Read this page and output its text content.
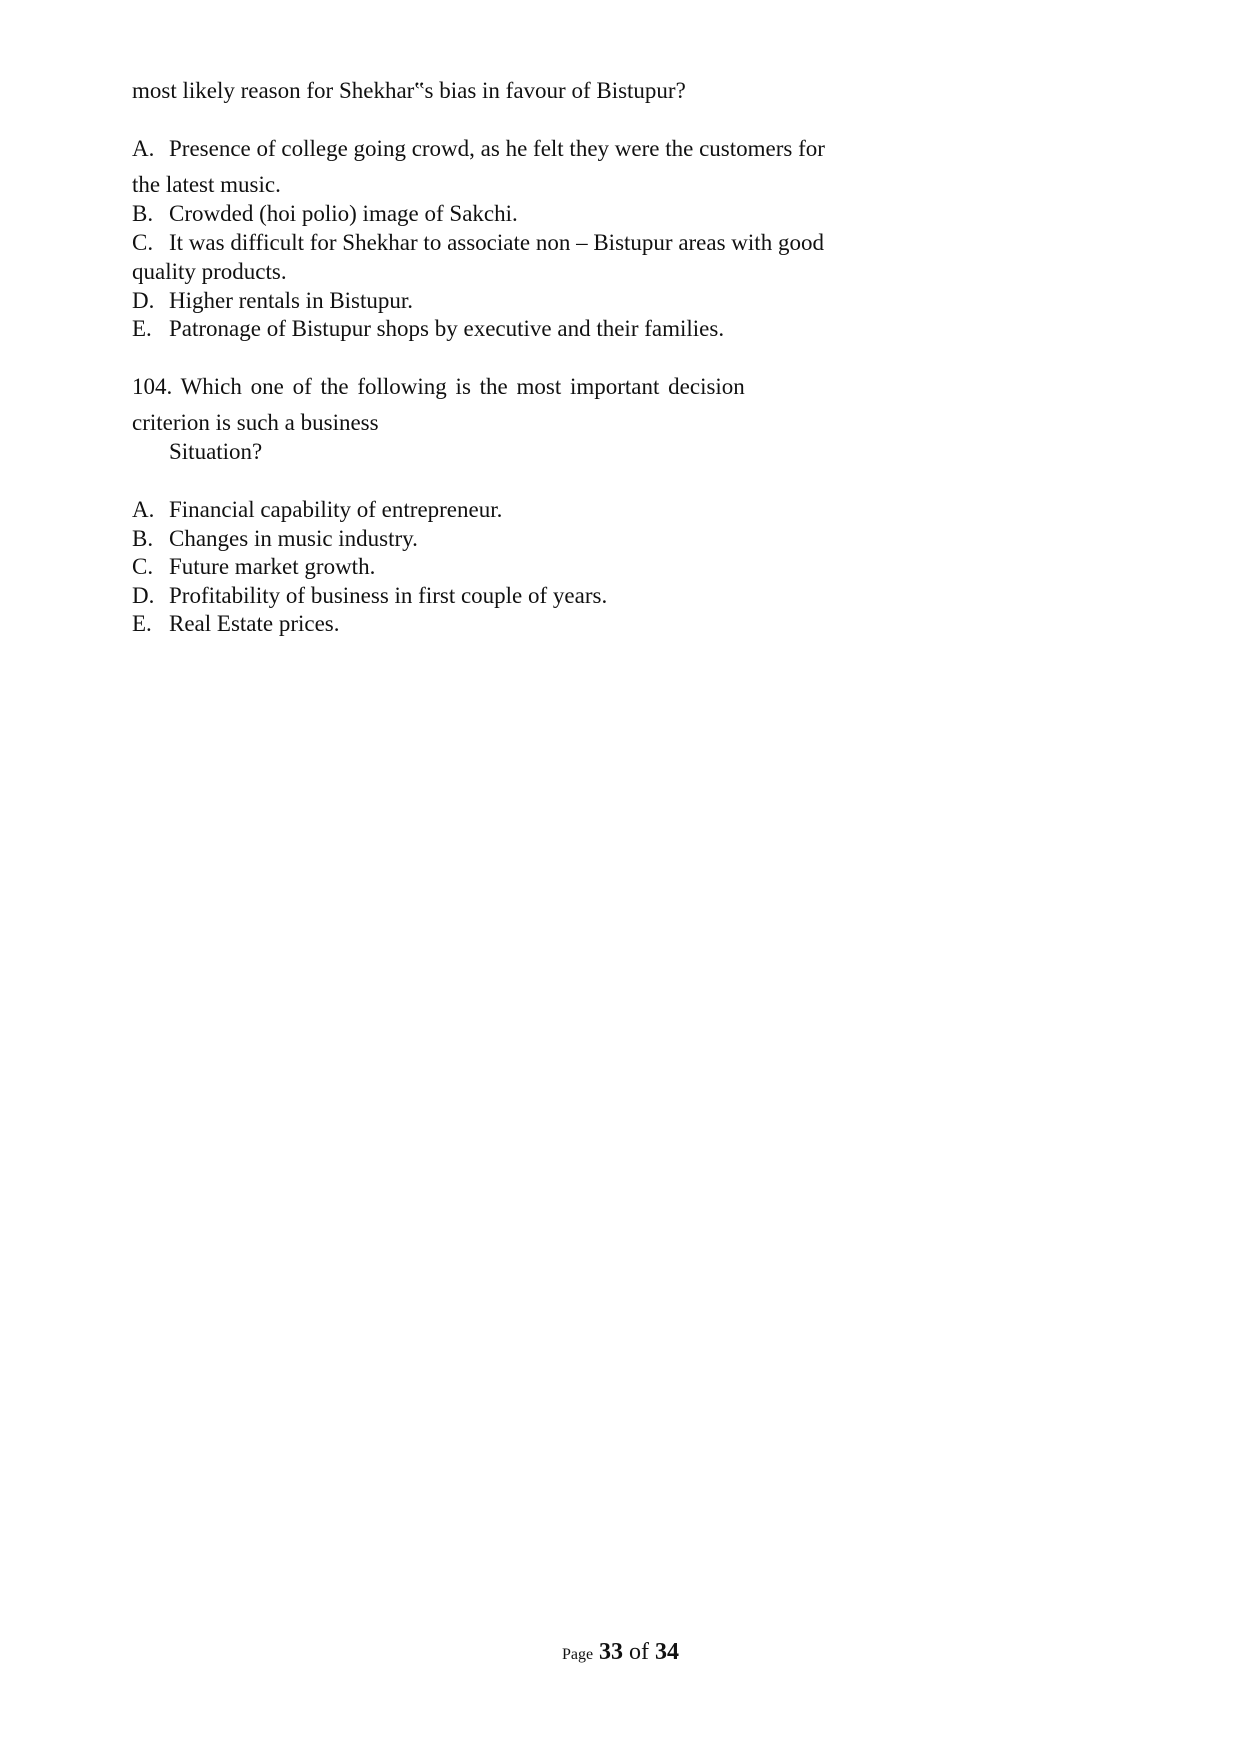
most likely reason for Shekhar‟s bias in favour of Bistupur?
A. Presence of college going crowd, as he felt they were the customers for
the latest music.
B. Crowded (hoi polio) image of Sakchi.
C. It was difficult for Shekhar to associate non – Bistupur areas with good
quality products.
D. Higher rentals in Bistupur.
E. Patronage of Bistupur shops by executive and their families.
104. Which one of the following is the most important decision
criterion is such a business
Situation?
A. Financial capability of entrepreneur.
B. Changes in music industry.
C. Future market growth.
D. Profitability of business in first couple of years.
E. Real Estate prices.
Page 33 of 34
